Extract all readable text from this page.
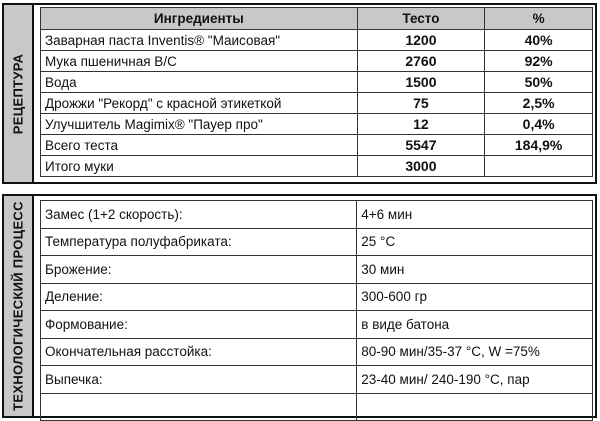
РЕЦЕПТУРА
Ингредиенты	Тесто	%
Заварная паста Inventis® "Маисовая"	1200	40%
Мука пшеничная В/С	2760	92%
Вода	1500	50%
Дрожжи "Рекорд" с красной этикеткой	75	2,5%
Улучшитель Magimix® "Пауер про"	12	0,4%
Всего теста	5547	184,9%
Итого муки	3000	
ТЕХНОЛОГИЧЕСКИЙ ПРОЦЕСС Замес (1+2 скорость):	4+6 мин
Температура полуфабриката:	25 °С
Брожение:	30 мин
Деление:	300-600 гр
Формование:	в виде батона
Окончательная расстойка:	80-90 мин/35-37 °С, W =75%
Выпечка:	23-40 мин/ 240-190 °С, пар
